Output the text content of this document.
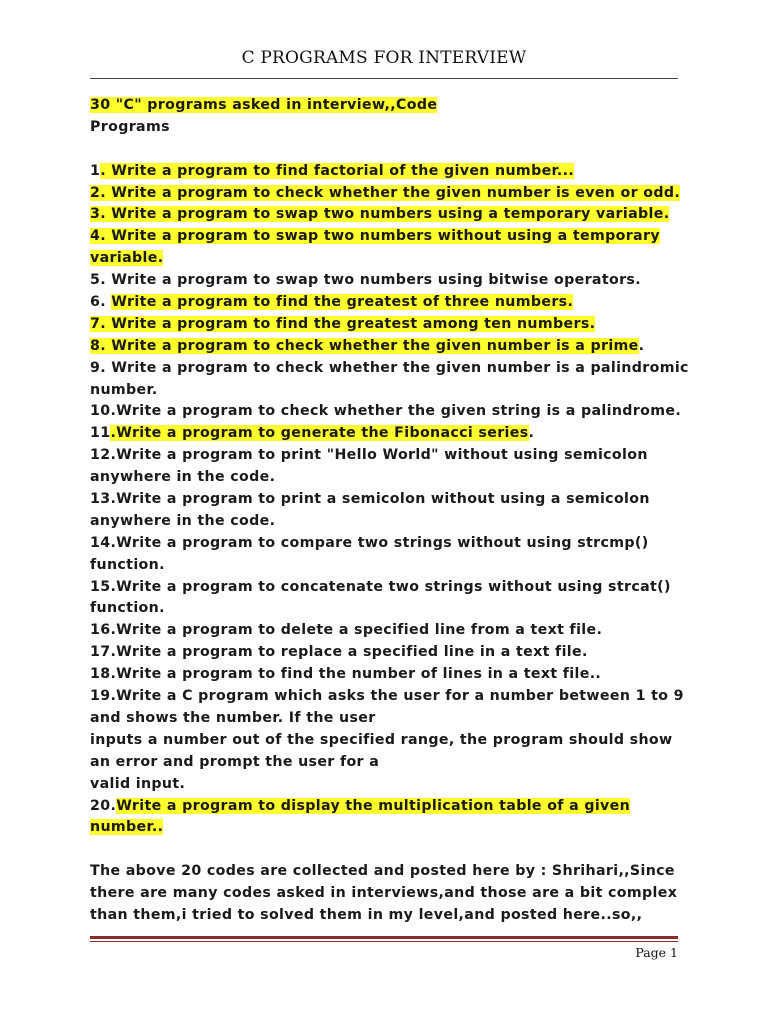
C PROGRAMS FOR INTERVIEW
30 "C" programs asked in interview,,Code
Programs
1. Write a program to find factorial of the given number...
2. Write a program to check whether the given number is even or odd.
3. Write a program to swap two numbers using a temporary variable.
4. Write a program to swap two numbers without using a temporary
variable.
5. Write a program to swap two numbers using bitwise operators.
6. Write a program to find the greatest of three numbers.
7. Write a program to find the greatest among ten numbers.
8. Write a program to check whether the given number is a prime.
9. Write a program to check whether the given number is a palindromic
number.
10.Write a program to check whether the given string is a palindrome.
11.Write a program to generate the Fibonacci series.
12.Write a program to print "Hello World" without using semicolon
anywhere in the code.
13.Write a program to print a semicolon without using a semicolon
anywhere in the code.
14.Write a program to compare two strings without using strcmp()
function.
15.Write a program to concatenate two strings without using strcat()
function.
16.Write a program to delete a specified line from a text file.
17.Write a program to replace a specified line in a text file.
18.Write a program to find the number of lines in a text file..
19.Write a C program which asks the user for a number between 1 to 9
and shows the number. If the user
inputs a number out of the specified range, the program should show
an error and prompt the user for a
valid input.
20.Write a program to display the multiplication table of a given
number..
The above 20 codes are collected and posted here by : Shrihari,,Since
there are many codes asked in interviews,and those are a bit complex
than them,i tried to solved them in my level,and posted here..so,,
Page 1
